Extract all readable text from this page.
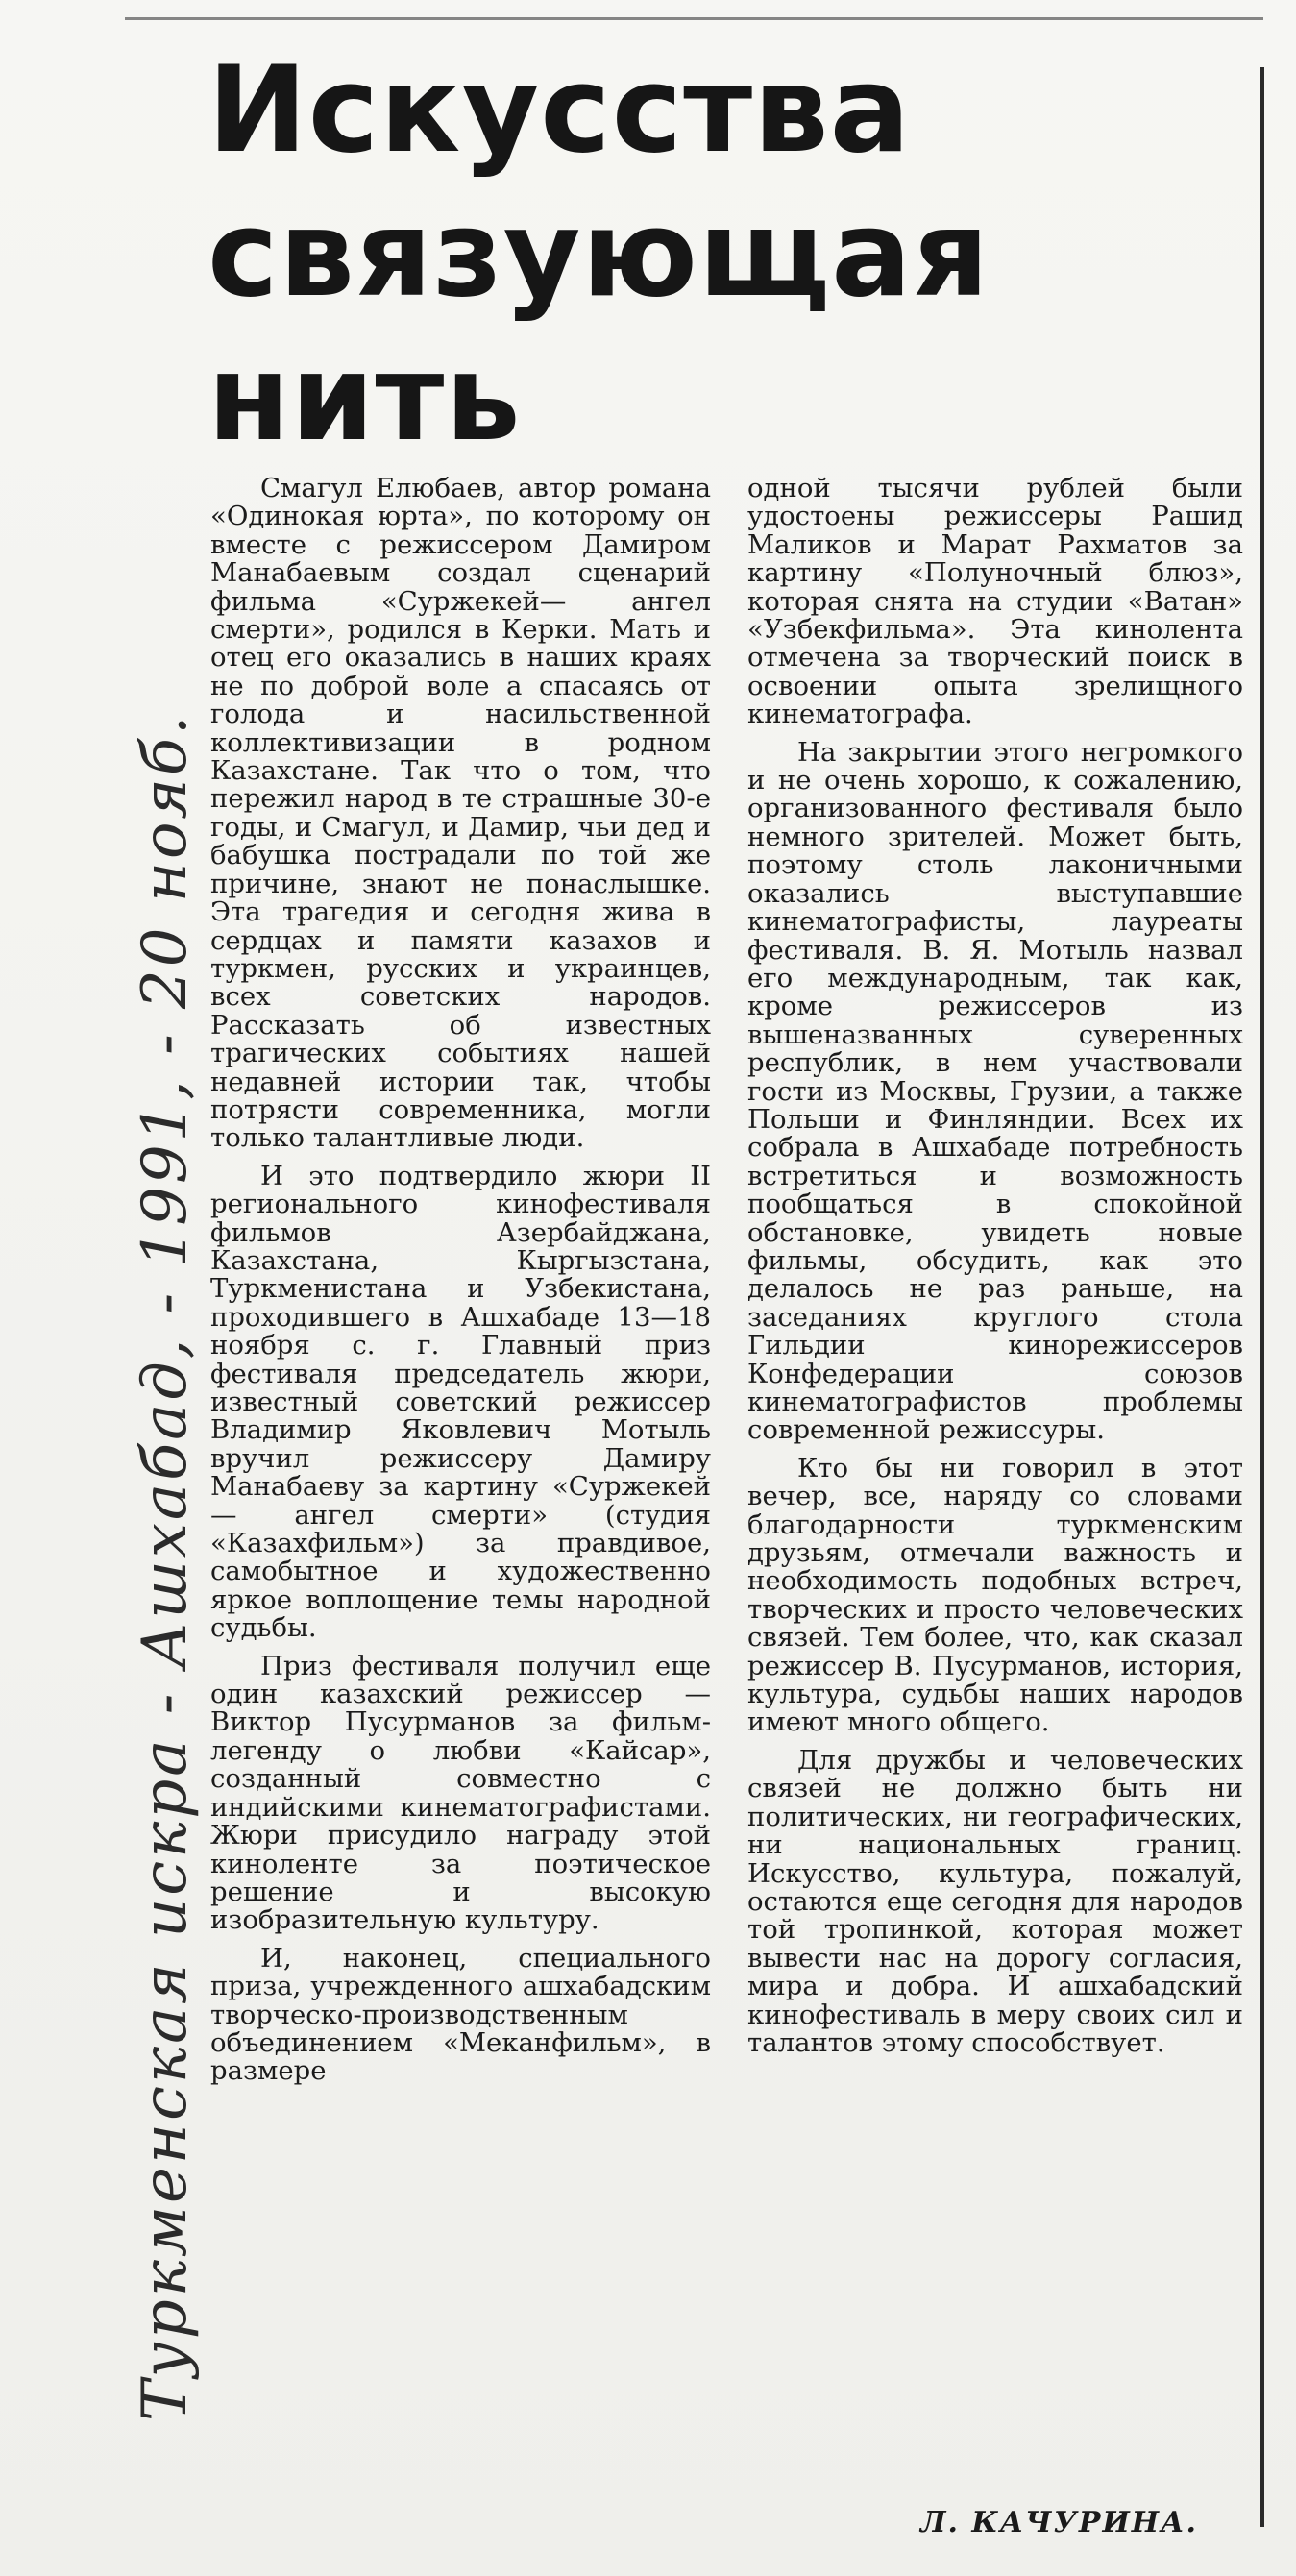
Искусства
связующая
нить
Туркменская искра - Ашхабад, - 1991, - 20 нояб.

Смагул Елюбаев, автор романа «Одинокая юрта», по которому он вместе с режиссером Дамиром Манабаевым создал сценарий фильма «Суржекей— ангел смерти», родился в Керки. Мать и отец его оказались в наших краях не по доброй воле а спасаясь от голода и насильственной коллективизации в родном Казахстане. Так что о том, что пережил народ в те страшные 30-е годы, и Смагул, и Дамир, чьи дед и бабушка пострадали по той же причине, знают не понаслышке. Эта трагедия и сегодня жива в сердцах и памяти казахов и туркмен, русских и украинцев, всех советских народов. Рассказать об известных трагических событиях нашей недавней истории так, чтобы потрясти современника, могли только талантливые люди.

И это подтвердило жюри II регионального кинофестиваля фильмов Азербайджана, Казахстана, Кыргызстана, Туркменистана и Узбекистана, проходившего в Ашхабаде 13—18 ноября с. г. Главный приз фестиваля председатель жюри, известный советский режиссер Владимир Яковлевич Мотыль вручил режиссеру Дамиру Манабаеву за картину «Суржекей — ангел смерти» (студия «Казахфильм») за правдивое, самобытное и художественно яркое воплощение темы народной судьбы.

Приз фестиваля получил еще один казахский режиссер — Виктор Пусурманов за фильм-легенду о любви «Кайсар», созданный совместно с индийскими кинематографистами. Жюри присудило награду этой киноленте за поэтическое решение и высокую изобразительную культуру.

И, наконец, специального приза, учрежденного ашхабадским творческо-производственным объединением «Меканфильм», в размере

одной тысячи рублей были удостоены режиссеры Рашид Маликов и Марат Рахматов за картину «Полуночный блюз», которая снята на студии «Ватан» «Узбекфильма». Эта кинолента отмечена за творческий поиск в освоении опыта зрелищного кинематографа.

На закрытии этого негромкого и не очень хорошо, к сожалению, организованного фестиваля было немного зрителей. Может быть, поэтому столь лаконичными оказались выступавшие кинематографисты, лауреаты фестиваля. В. Я. Мотыль назвал его международным, так как, кроме режиссеров из вышеназванных суверенных республик, в нем участвовали гости из Москвы, Грузии, а также Польши и Финляндии. Всех их собрала в Ашхабаде потребность встретиться и возможность пообщаться в спокойной обстановке, увидеть новые фильмы, обсудить, как это делалось не раз раньше, на заседаниях круглого стола Гильдии кинорежиссеров Конфедерации союзов кинематографистов проблемы современной режиссуры.

Кто бы ни говорил в этот вечер, все, наряду со словами благодарности туркменским друзьям, отмечали важность и необходимость подобных встреч, творческих и просто человеческих связей. Тем более, что, как сказал режиссер В. Пусурманов, история, культура, судьбы наших народов имеют много общего.

Для дружбы и человеческих связей не должно быть ни политических, ни географических, ни национальных границ. Искусство, культура, пожалуй, остаются еще сегодня для народов той тропинкой, которая может вывести нас на дорогу согласия, мира и добра. И ашхабадский кинофестиваль в меру своих сил и талантов этому способствует.

Л. КАЧУРИНА.
